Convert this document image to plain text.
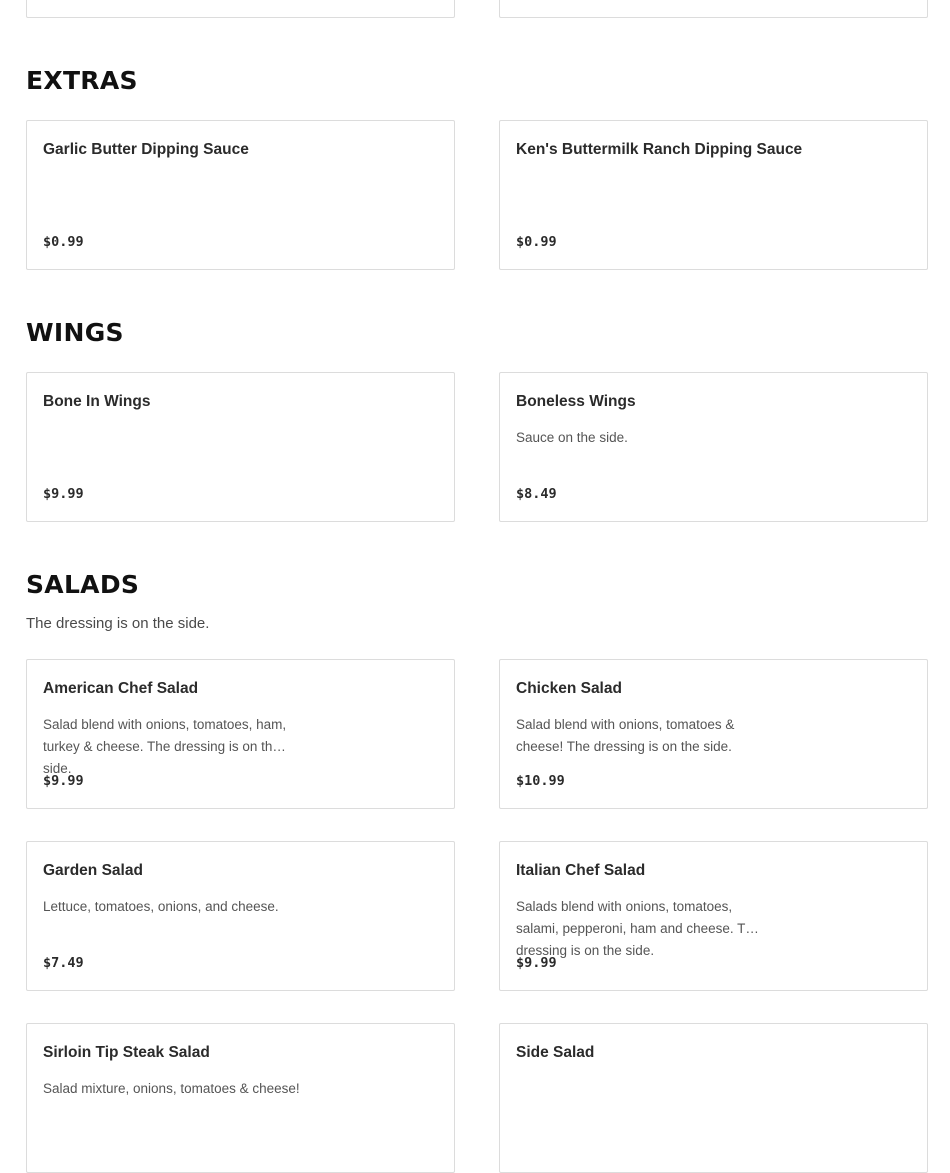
EXTRAS
Garlic Butter Dipping Sauce
$0.99
Ken's Buttermilk Ranch Dipping Sauce
$0.99
WINGS
Bone In Wings
$9.99
Boneless Wings
Sauce on the side.
$8.49
SALADS

The dressing is on the side.

American Chef Salad
Salad blend with onions, tomatoes, ham, turkey & cheese. The dressing is on the side.
$9.99
Chicken Salad
Salad blend with onions, tomatoes & cheese! The dressing is on the side.
$10.99
Garden Salad
Lettuce, tomatoes, onions, and cheese.
$7.49
Italian Chef Salad
Salads blend with onions, tomatoes, salami, pepperoni, ham and cheese. The dressing is on the side.
$9.99
Sirloin Tip Steak Salad
Salad mixture, onions, tomatoes & cheese!
Side Salad
